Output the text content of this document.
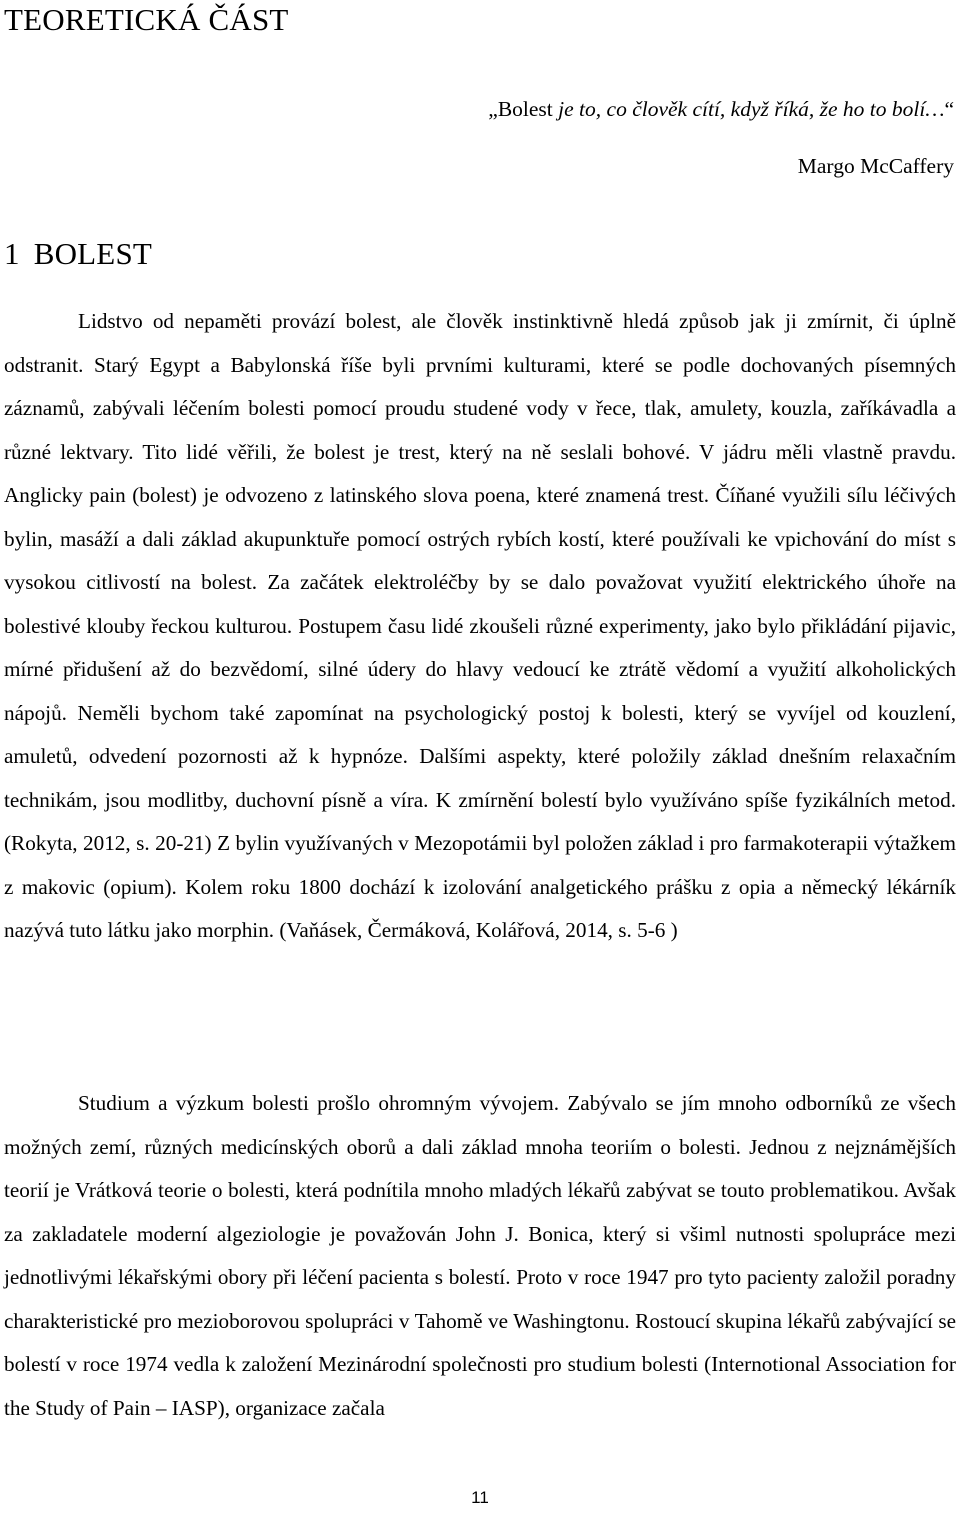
TEORETICKÁ ČÁST

„Bolest je to, co člověk cítí, když říká, že ho to bolí…“

Margo McCaffery

1 BOLEST

Lidstvo od nepaměti provází bolest, ale člověk instinktivně hledá způsob jak ji zmírnit, či úplně odstranit. Starý Egypt a Babylonská říše byli prvními kulturami, které se podle dochovaných písemných záznamů, zabývali léčením bolesti pomocí proudu studené vody v řece, tlak, amulety, kouzla, zaříkávadla a různé lektvary. Tito lidé věřili, že bolest je trest, který na ně seslali bohové. V jádru měli vlastně pravdu. Anglicky pain (bolest) je odvozeno z latinského slova poena, které znamená trest. Číňané využili sílu léčivých bylin, masáží a dali základ akupunktuře pomocí ostrých rybích kostí, které používali ke vpichování do míst s vysokou citlivostí na bolest. Za začátek elektroléčby by se dalo považovat využití elektrického úhoře na bolestivé klouby řeckou kulturou. Postupem času lidé zkoušeli různé experimenty, jako bylo přikládání pijavic, mírné přidušení až do bezvědomí, silné údery do hlavy vedoucí ke ztrátě vědomí a využití alkoholických nápojů. Neměli bychom také zapomínat na psychologický postoj k bolesti, který se vyvíjel od kouzlení, amuletů, odvedení pozornosti až k hypnóze. Dalšími aspekty, které položily základ dnešním relaxačním technikám, jsou modlitby, duchovní písně a víra. K zmírnění bolestí bylo využíváno spíše fyzikálních metod. (Rokyta, 2012, s. 20-21) Z bylin využívaných v Mezopotámii byl položen základ i pro farmakoterapii výtažkem z makovic (opium). Kolem roku 1800 dochází k izolování analgetického prášku z opia a německý lékárník nazývá tuto látku jako morphin. (Vaňásek, Čermáková, Kolářová, 2014, s. 5-6 )

Studium a výzkum bolesti prošlo ohromným vývojem. Zabývalo se jím mnoho odborníků ze všech možných zemí, různých medicínských oborů a dali základ mnoha teoriím o bolesti. Jednou z nejznámějších teorií je Vrátková teorie o bolesti, která podnítila mnoho mladých lékařů zabývat se touto problematikou. Avšak za zakladatele moderní algeziologie je považován John J. Bonica, který si všiml nutnosti spolupráce mezi jednotlivými lékařskými obory při léčení pacienta s bolestí. Proto v roce 1947 pro tyto pacienty založil poradny charakteristické pro mezioborovou spolupráci v Tahomě ve Washingtonu. Rostoucí skupina lékařů zabývající se bolestí v roce 1974 vedla k založení Mezinárodní společnosti pro studium bolesti (Internotional Association for the Study of Pain – IASP), organizace začala

11
